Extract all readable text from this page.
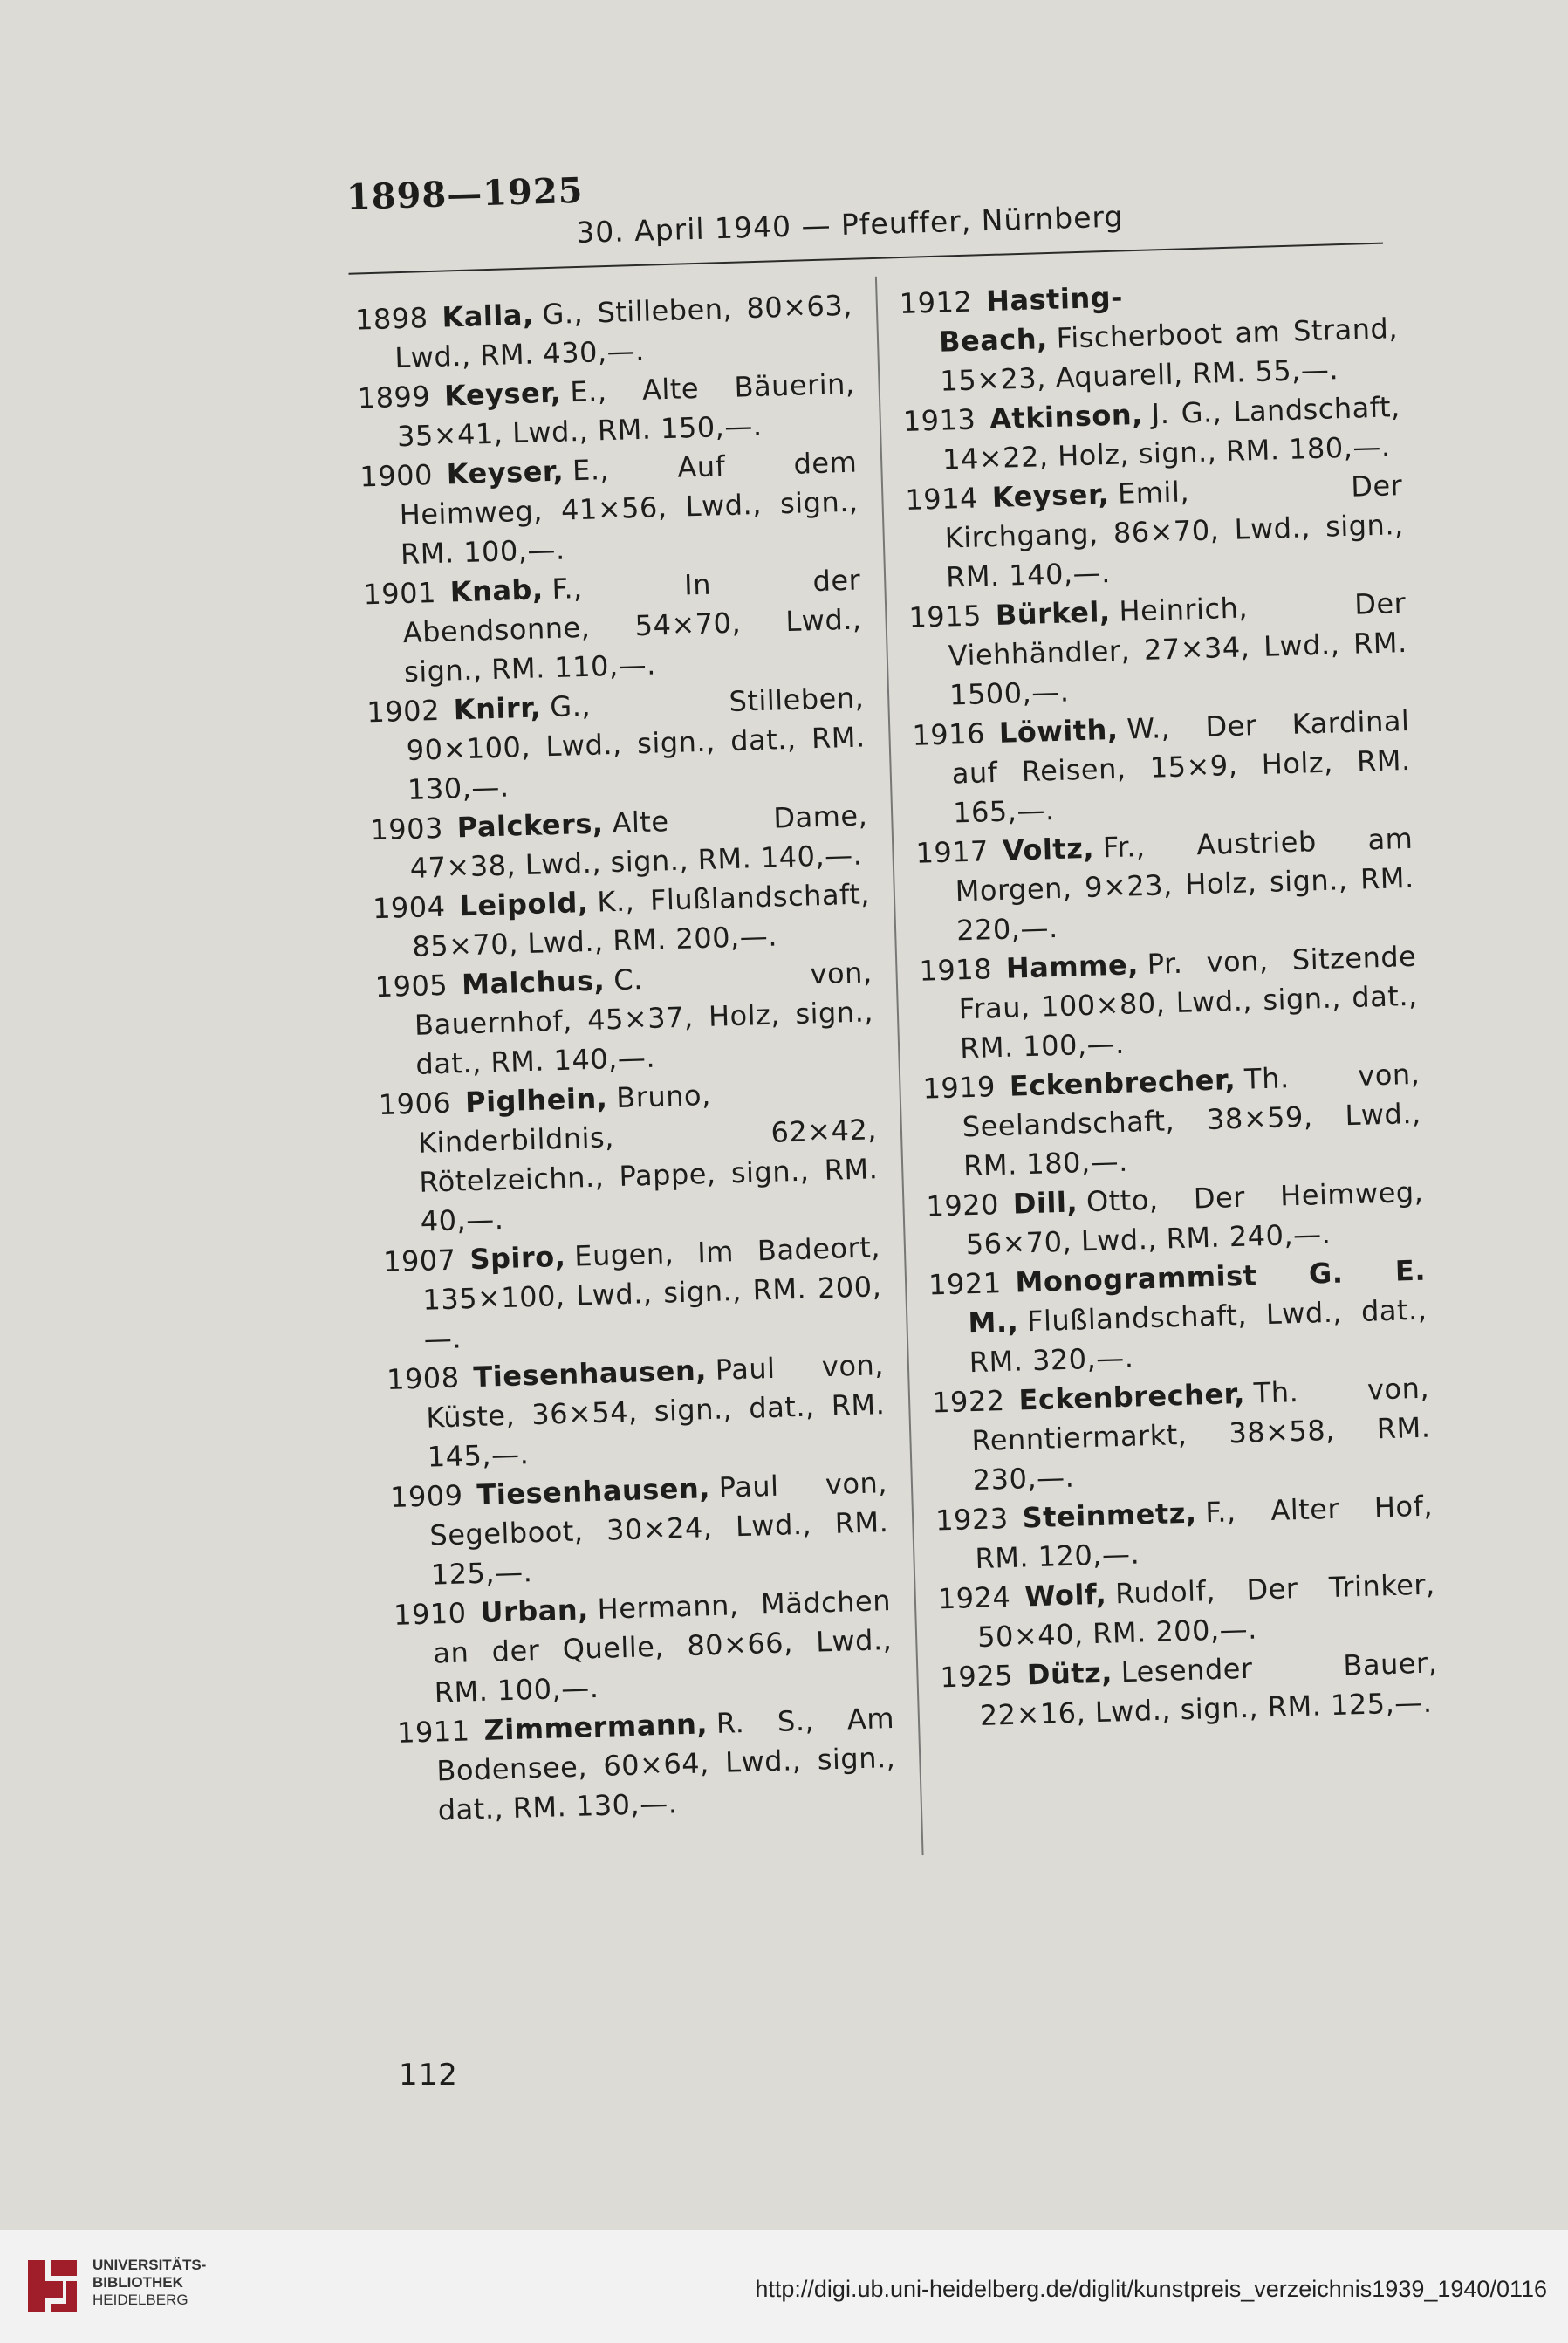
1898—1925
30. April 1940 — Pfeuffer, Nürnberg

1898 Kalla, G., Stilleben, 80×63, Lwd., RM. 430,—.

1899 Keyser, E., Alte Bäuerin, 35×41, Lwd., RM. 150,—.

1900 Keyser, E., Auf dem Heimweg, 41×56, Lwd., sign., RM. 100,—.

1901 Knab, F., In der Abendsonne, 54×70, Lwd., sign., RM. 110,—.

1902 Knirr, G., Stilleben, 90×100, Lwd., sign., dat., RM. 130,—.

1903 Palckers, Alte Dame, 47×38, Lwd., sign., RM. 140,—.

1904 Leipold, K., Flußlandschaft, 85×70, Lwd., RM. 200,—.

1905 Malchus, C. von, Bauernhof, 45×37, Holz, sign., dat., RM. 140,—.

1906 Piglhein, Bruno, Kinderbildnis, 62×42, Rötelzeichn., Pappe, sign., RM. 40,—.

1907 Spiro, Eugen, Im Badeort, 135×100, Lwd., sign., RM. 200,—.

1908 Tiesenhausen, Paul von, Küste, 36×54, sign., dat., RM. 145,—.

1909 Tiesenhausen, Paul von, Segelboot, 30×24, Lwd., RM. 125,—.

1910 Urban, Hermann, Mädchen an der Quelle, 80×66, Lwd., RM. 100,—.

1911 Zimmermann, R. S., Am Bodensee, 60×64, Lwd., sign., dat., RM. 130,—.

1912 Hasting-Beach, Fischerboot am Strand, 15×23, Aquarell, RM. 55,—.

1913 Atkinson, J. G., Landschaft, 14×22, Holz, sign., RM. 180,—.

1914 Keyser, Emil, Der Kirchgang, 86×70, Lwd., sign., RM. 140,—.

1915 Bürkel, Heinrich, Der Viehhändler, 27×34, Lwd., RM. 1500,—.

1916 Löwith, W., Der Kardinal auf Reisen, 15×9, Holz, RM. 165,—.

1917 Voltz, Fr., Austrieb am Morgen, 9×23, Holz, sign., RM. 220,—.

1918 Hamme, Pr. von, Sitzende Frau, 100×80, Lwd., sign., dat., RM. 100,—.

1919 Eckenbrecher, Th. von, Seelandschaft, 38×59, Lwd., RM. 180,—.

1920 Dill, Otto, Der Heimweg, 56×70, Lwd., RM. 240,—.

1921 Monogrammist G. E. M., Flußlandschaft, Lwd., dat., RM. 320,—.

1922 Eckenbrecher, Th. von, Renntiermarkt, 38×58, RM. 230,—.

1923 Steinmetz, F., Alter Hof, RM. 120,—.

1924 Wolf, Rudolf, Der Trinker, 50×40, RM. 200,—.

1925 Dütz, Lesender Bauer, 22×16, Lwd., sign., RM. 125,—.

112
UNIVERSITÄTS-
BIBLIOTHEK
HEIDELBERG	http://digi.ub.uni-heidelberg.de/diglit/kunstpreis_verzeichnis1939_1940/0116
